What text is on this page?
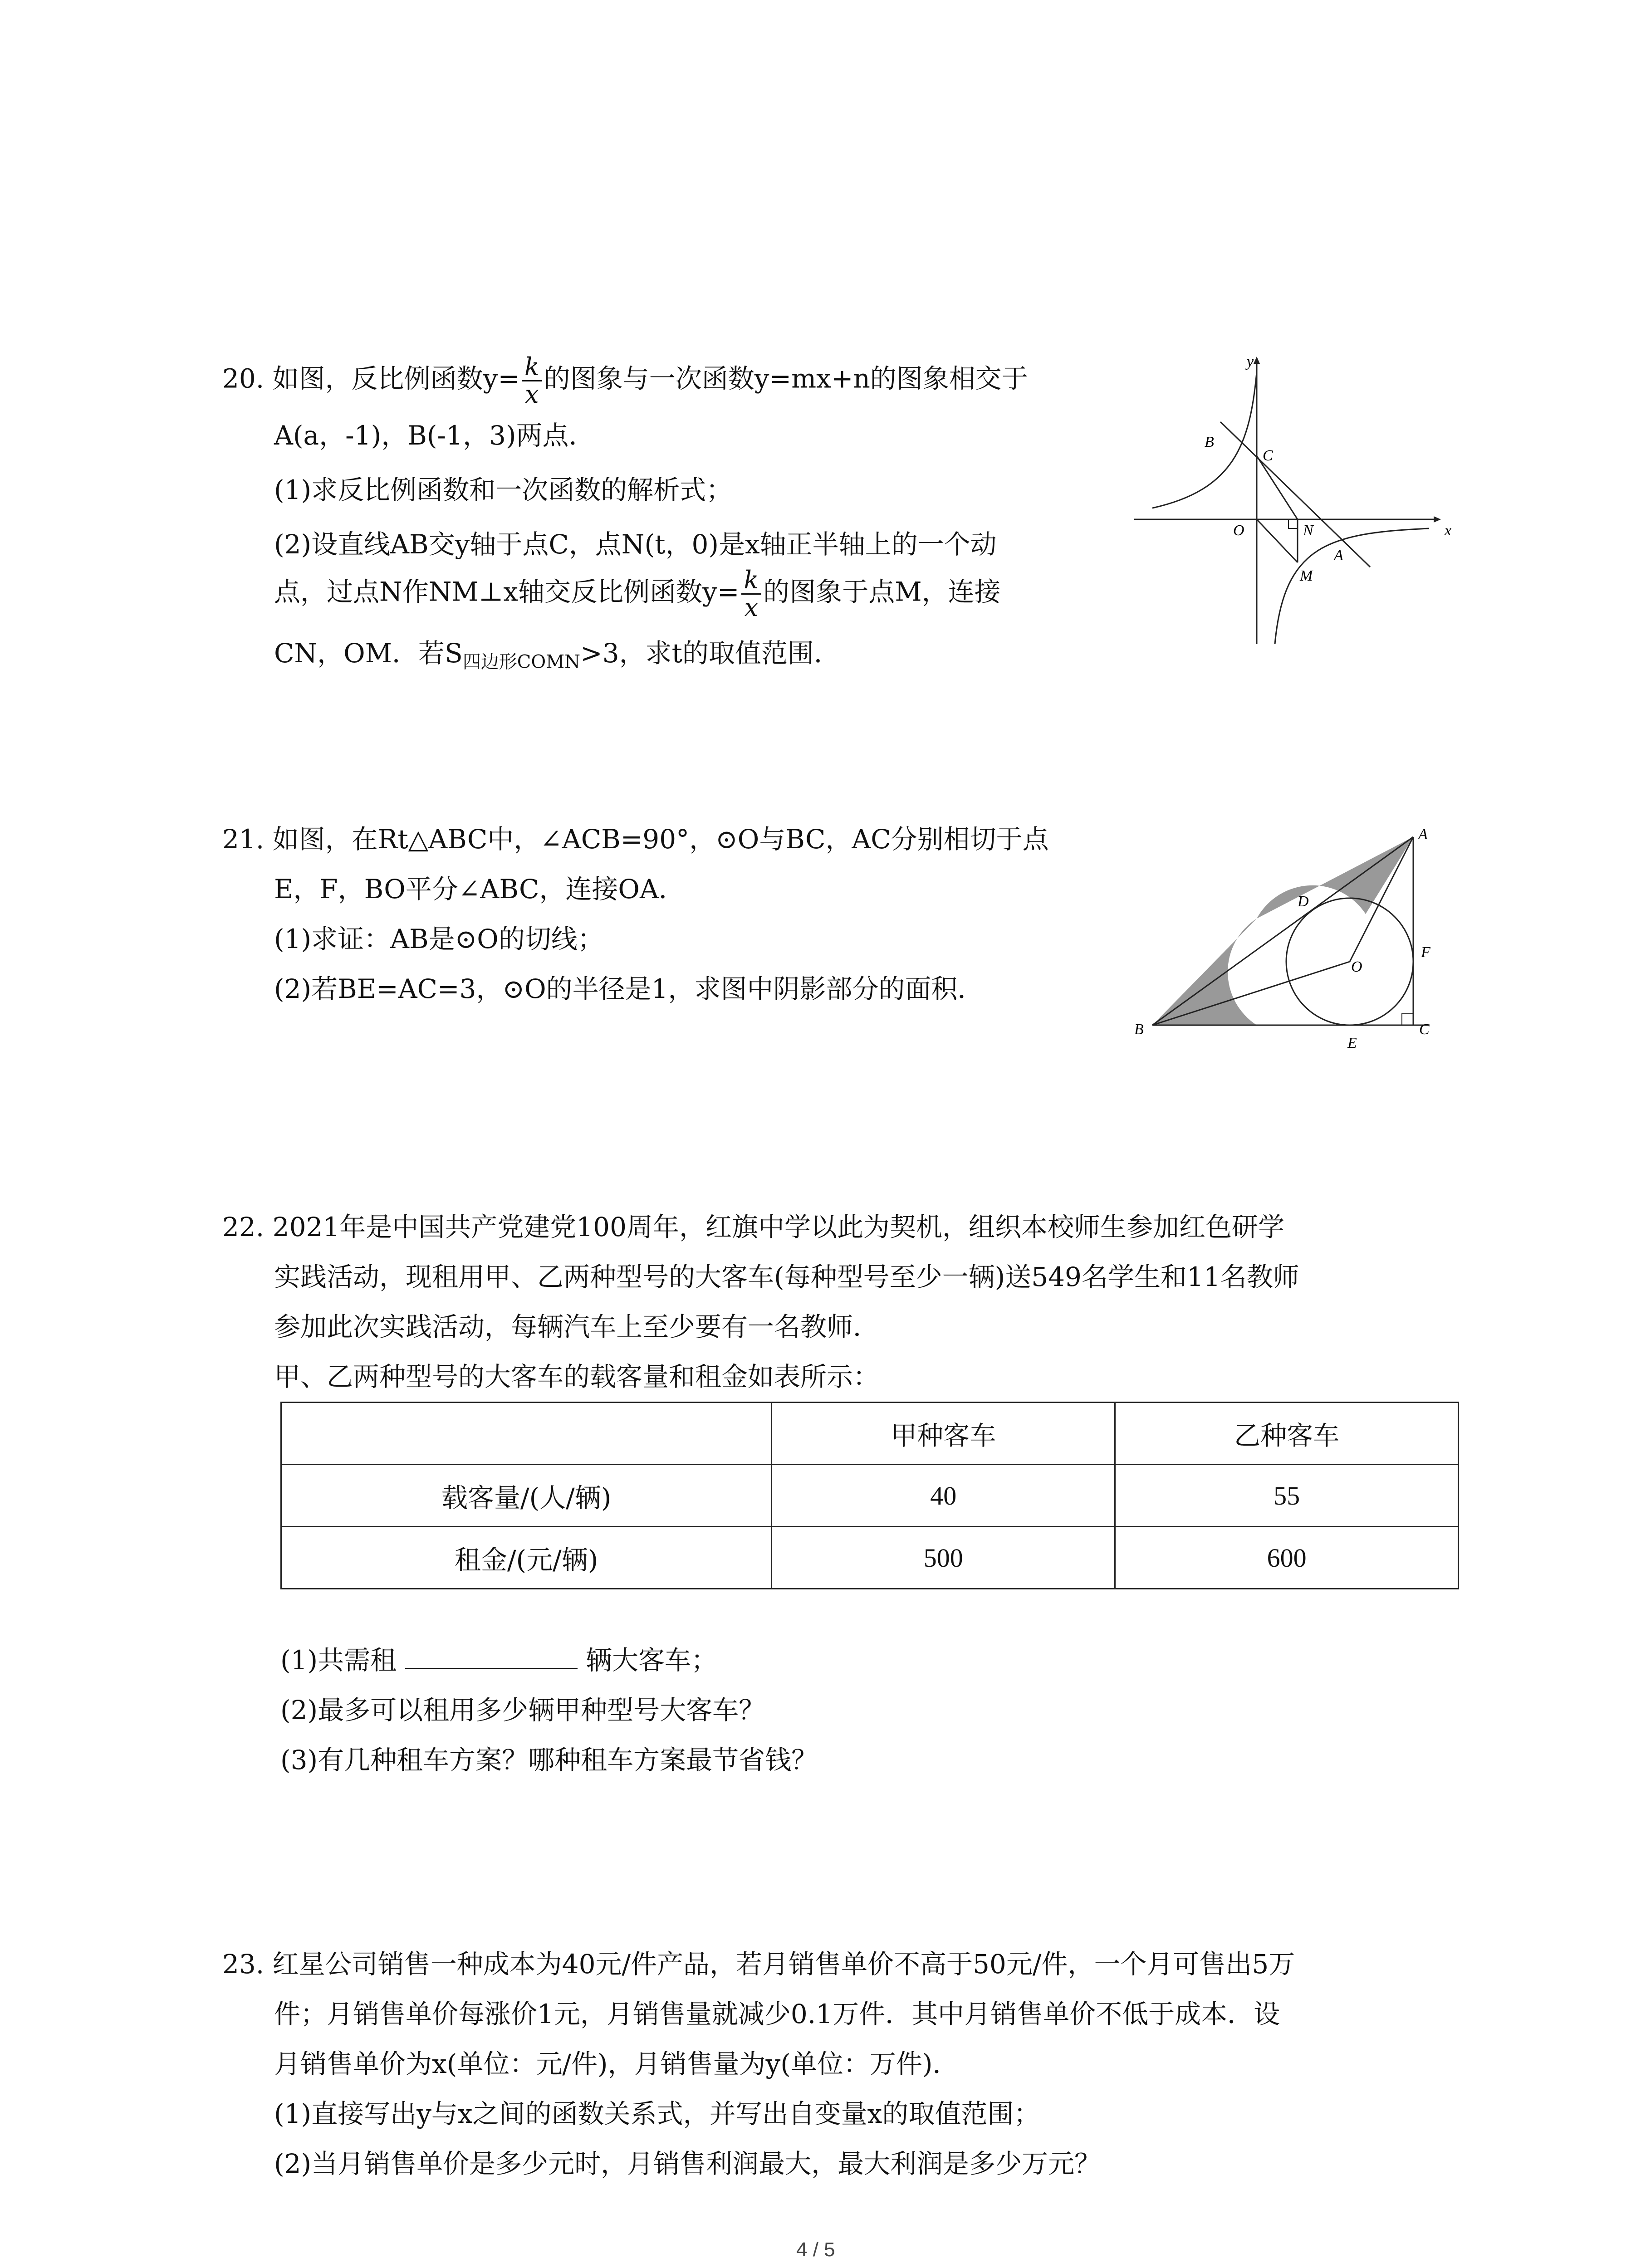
20. 如图，反比例函数$y= \frac{k}{x}$ 的图象与一次函数y=mx+n的图象相交于
A(a，-1)，B(-1，3)两点．
(1)求反比例函数和一次函数的解析式；
(2)设直线AB交y轴于点C，点N(t，0)是x轴正半轴上的一个动
点，过点N作NM⊥x轴交反比例函数$y= \frac{k}{x}$ 的图象于点M，连接
CN，OM．若$S_{四边形COMN}>3$，求t的取值范围．
y
x
O
B
C
N
A
M
21. 如图，在Rt△ABC中，∠ACB=90°，⊙O与BC，AC分别相切于点
E，F，BO平分∠ABC，连接OA．
(1)求证：AB是⊙O的切线；
(2)若BE=AC=3，⊙O的半径是1，求图中阴影部分的面积．
A
D
O
F
B
E
C
22. 2021年是中国共产党建党100周年，红旗中学以此为契机，组织本校师生参加红色研学
实践活动，现租用甲、乙两种型号的大客车(每种型号至少一辆)送549名学生和11名教师
参加此次实践活动，每辆汽车上至少要有一名教师．
甲、乙两种型号的大客车的载客量和租金如表所示：
	甲种客车	乙种客车
载客量/(人/辆)	40	55
租金/(元/辆)	500	600
(1)共需租	辆大客车；
(2)最多可以租用多少辆甲种型号大客车？
(3)有几种租车方案？哪种租车方案最节省钱？
23. 红星公司销售一种成本为40元/件产品，若月销售单价不高于50元/件，一个月可售出5万
件；月销售单价每涨价1元，月销售量就减少0.1万件．其中月销售单价不低于成本．设
月销售单价为x(单位：元/件)，月销售量为y(单位：万件)．
(1)直接写出y与x之间的函数关系式，并写出自变量x的取值范围；
(2)当月销售单价是多少元时，月销售利润最大，最大利润是多少万元？
4 / 5
